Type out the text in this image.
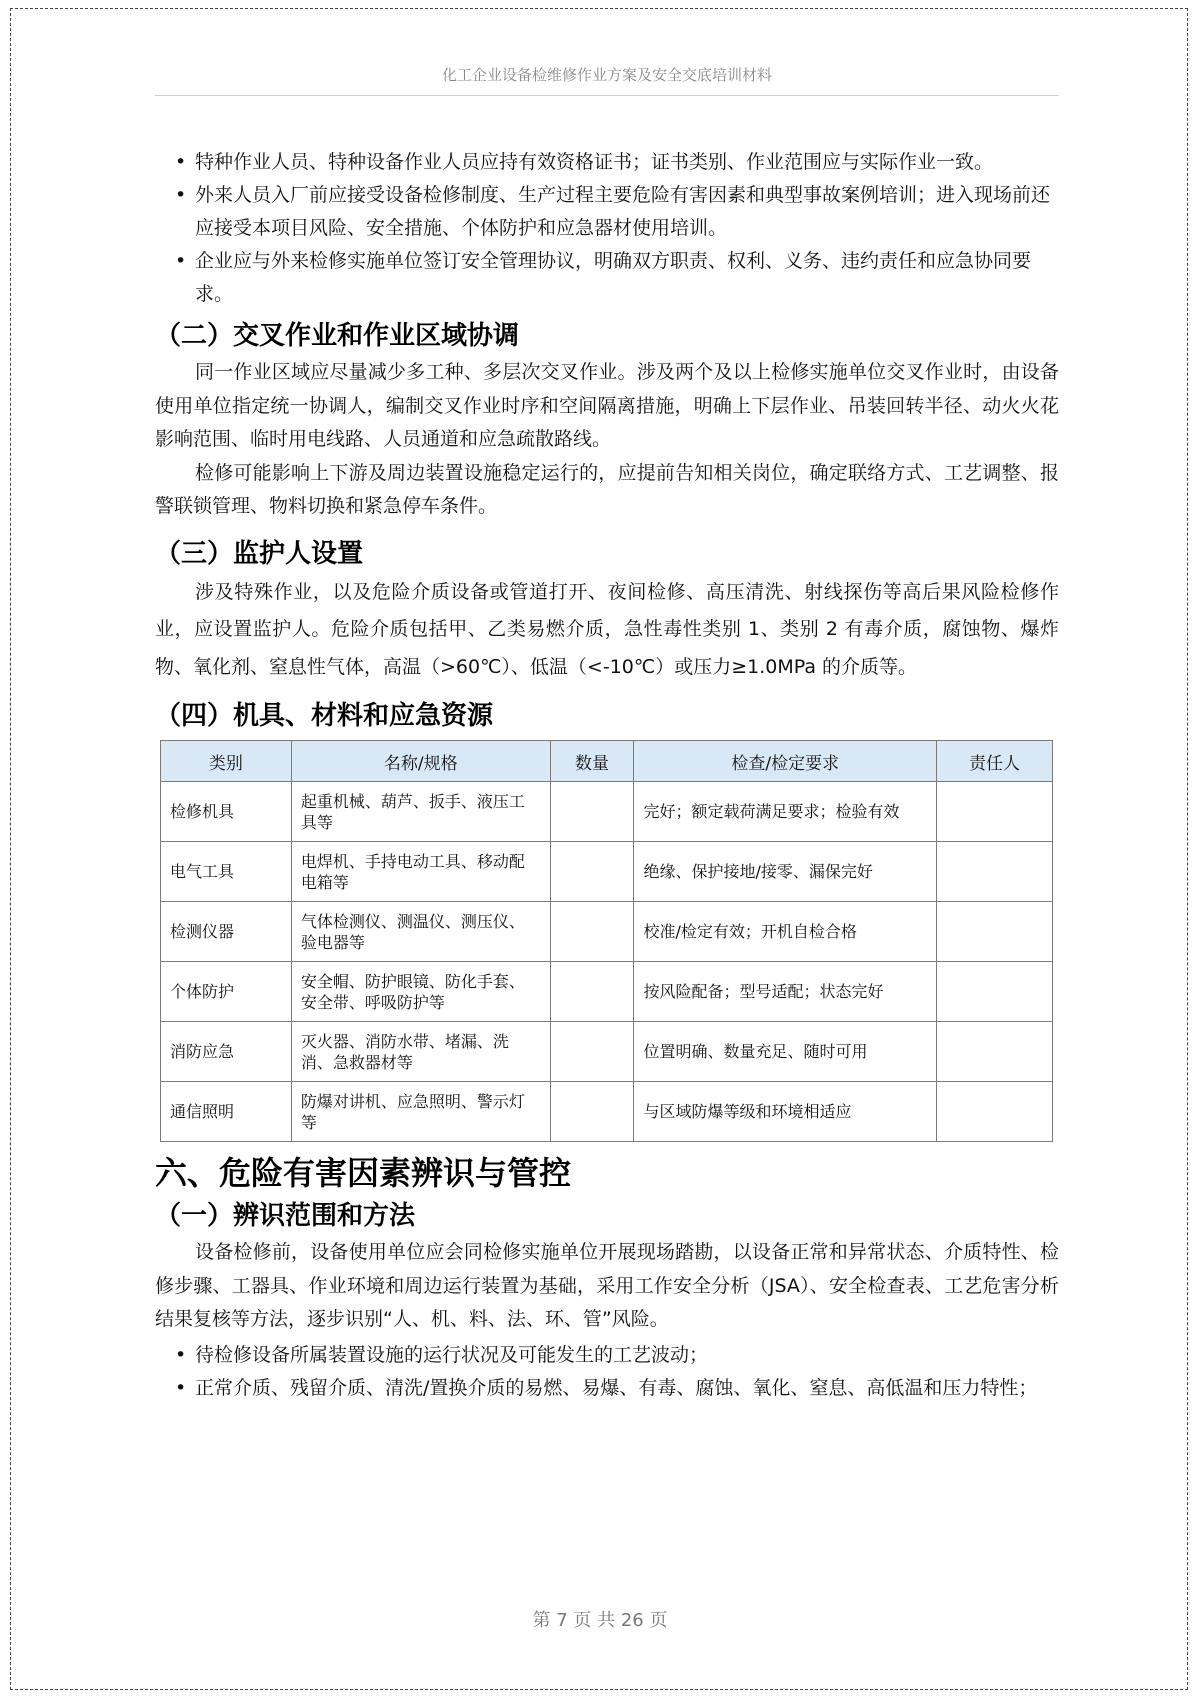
化工企业设备检维修作业方案及安全交底培训材料
• 特种作业人员、特种设备作业人员应持有效资格证书；证书类别、作业范围应与实际作业一致。
• 外来人员入厂前应接受设备检修制度、生产过程主要危险有害因素和典型事故案例培训；进入现场前还应接受本项目风险、安全措施、个体防护和应急器材使用培训。
• 企业应与外来检修实施单位签订安全管理协议，明确双方职责、权利、义务、违约责任和应急协同要求。
（二）交叉作业和作业区域协调

同一作业区域应尽量减少多工种、多层次交叉作业。涉及两个及以上检修实施单位交叉作业时，由设备使用单位指定统一协调人，编制交叉作业时序和空间隔离措施，明确上下层作业、吊装回转半径、动火火花影响范围、临时用电线路、人员通道和应急疏散路线。

检修可能影响上下游及周边装置设施稳定运行的，应提前告知相关岗位，确定联络方式、工艺调整、报警联锁管理、物料切换和紧急停车条件。

（三）监护人设置

涉及特殊作业，以及危险介质设备或管道打开、夜间检修、高压清洗、射线探伤等高后果风险检修作业，应设置监护人。危险介质包括甲、乙类易燃介质，急性毒性类别 1、类别 2 有毒介质，腐蚀物、爆炸物、氧化剂、窒息性气体，高温（>60℃）、低温（<-10℃）或压力≥1.0MPa 的介质等。

（四）机具、材料和应急资源
类别	名称/规格	数量	检查/检定要求	责任人
检修机具	起重机械、葫芦、扳手、液压工具等		完好；额定载荷满足要求；检验有效	
电气工具	电焊机、手持电动工具、移动配电箱等		绝缘、保护接地/接零、漏保完好	
检测仪器	气体检测仪、测温仪、测压仪、验电器等		校准/检定有效；开机自检合格	
个体防护	安全帽、防护眼镜、防化手套、安全带、呼吸防护等		按风险配备；型号适配；状态完好	
消防应急	灭火器、消防水带、堵漏、洗消、急救器材等		位置明确、数量充足、随时可用	
通信照明	防爆对讲机、应急照明、警示灯等		与区域防爆等级和环境相适应	
六、危险有害因素辨识与管控
（一）辨识范围和方法

设备检修前，设备使用单位应会同检修实施单位开展现场踏勘，以设备正常和异常状态、介质特性、检修步骤、工器具、作业环境和周边运行装置为基础，采用工作安全分析（JSA）、安全检查表、工艺危害分析结果复核等方法，逐步识别“人、机、料、法、环、管”风险。

• 待检修设备所属装置设施的运行状况及可能发生的工艺波动；
• 正常介质、残留介质、清洗/置换介质的易燃、易爆、有毒、腐蚀、氧化、窒息、高低温和压力特性；
第 7 页 共 26 页
